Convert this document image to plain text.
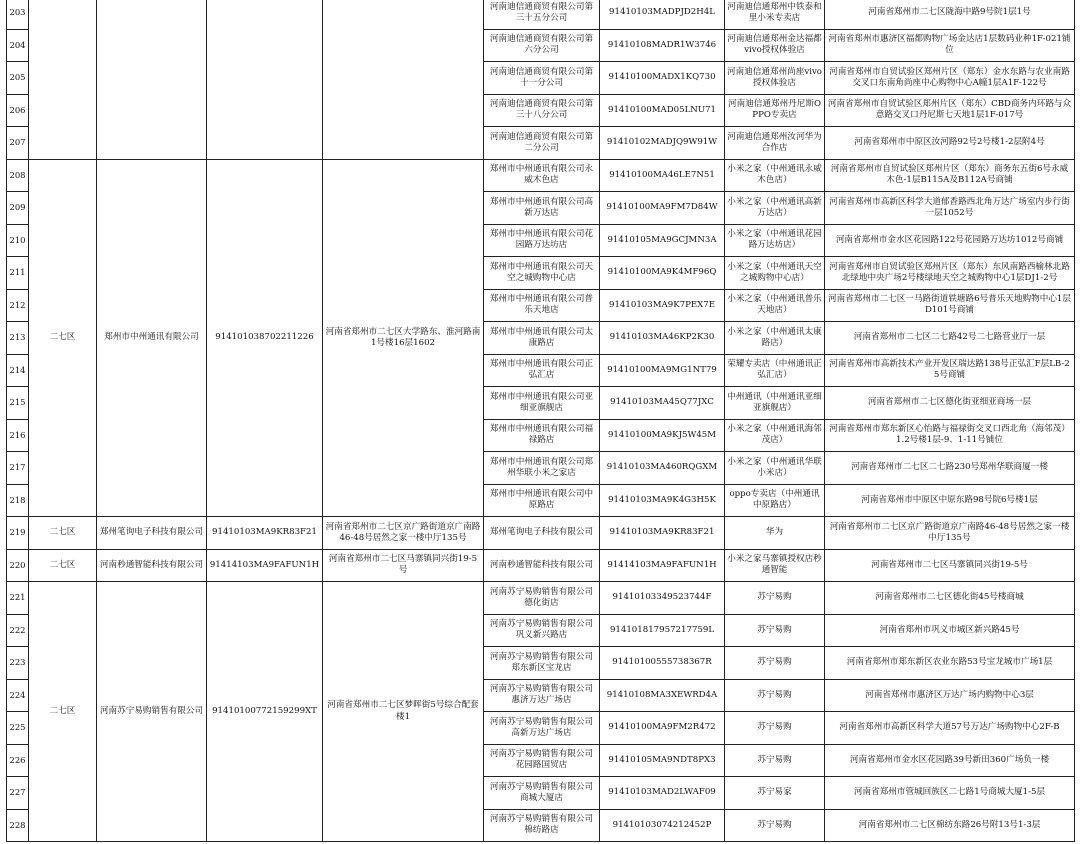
203					河南迪信通商贸有限公司第三十五分公司	91410103MADPJD2H4L	河南迪信通郑州中铁泰和里小米专卖店	河南省郑州市二七区陇海中路9号院1层1号
204					河南迪信通商贸有限公司第六分公司	91410108MADR1W3746	河南迪信通郑州金达福都vivo授权体验店	河南省郑州市惠济区福都购物广场金达店1层数码业种1F-021铺位
205					河南迪信通商贸有限公司第十一分公司	91410100MADX1KQ730	河南迪信通郑州尚座vivo授权体验店	河南省郑州市自贸试验区郑州片区（郑东）金水东路与农业南路交叉口东南角尚座中心购物中心A幢1层A1F-122号
206					河南迪信通商贸有限公司第三十八分公司	91410100MAD05LNU71	河南迪信通郑州丹尼斯OPPO专卖店	河南省郑州市自贸试验区郑州片区（郑东）CBD商务内环路与众意路交叉口丹尼斯七天地1层1F-017号
207					河南迪信通商贸有限公司第二分公司	91410102MADJQ9W91W	河南迪信通郑州汝河华为合作店	河南省郑州市中原区汝河路92号2号楼1-2层附4号
208	二七区	郑州市中州通讯有限公司	914101038702211226	河南省郑州市二七区大学路东、淮河路南1号楼16层1602	郑州市中州通讯有限公司永威木色店	91410100MA46LE7N51	小米之家（中州通讯永威木色店）	河南省郑州市自贸试验区郑州片区（郑东）商务东五街6号永威木色-1层B115A及B112A号商铺
209					郑州市中州通讯有限公司高新万达店	91410100MA9FM7D84W	小米之家（中州通讯高新万达店）	河南省郑州市高新区科学大道郁香路西北角万达广场室内步行街一层1052号
210					郑州市中州通讯有限公司花园路万达坊店	91410105MA9GCJMN3A	小米之家（中州通讯花园路万达坊店）	河南省郑州市金水区花园路122号花园路万达坊1012号商铺
211					郑州市中州通讯有限公司天空之城购物中心店	91410100MA9K4MF96Q	小米之家（中州通讯天空之城购物中心店）	河南省郑州市自贸试验区郑州片区（郑东）东风南路西榆林北路北绿地中央广场2号楼绿地天空之城购物中心1层DJ1-2号
212					郑州市中州通讯有限公司普乐天地店	91410103MA9K7PEX7E	小米之家（中州通讯普乐天地店）	河南省郑州市二七区一马路街道铁塘路6号普乐天地购物中心1层D101号商铺
213					郑州市中州通讯有限公司太康路店	91410103MA46KP2K30	小米之家（中州通讯太康路店）	河南省郑州市二七区二七路42号二七路营业厅一层
214					郑州市中州通讯有限公司正弘汇店	91410100MA9MG1NT79	荣耀专卖店（中州通讯正弘汇店）	河南省郑州市高新技术产业开发区瑞达路138号正弘汇F层LB-25号商铺
215					郑州市中州通讯有限公司亚细亚旗舰店	91410103MA45Q77JXC	中州通讯（中州通讯亚细亚旗舰店）	河南省郑州市二七区德化街亚细亚商场一层
216					郑州市中州通讯有限公司福禄路店	91410100MA9KJ5W45M	小米之家（中州通讯海邻茂店）	河南省郑州市郑东新区心怡路与福禄街交叉口西北角（海邻茂）1.2号楼1层-9、1-11号铺位
217					郑州市中州通讯有限公司郑州华联小米之家店	91410103MA460RQGXM	小米之家（中州通讯华联小米店）	河南省郑州市二七区二七路230号郑州华联商厦一楼
218					郑州市中州通讯有限公司中原路店	91410103MA9K4G3H5K	oppo专卖店（中州通讯中原路店）	河南省郑州市中原区中原东路98号院6号楼1层
219	二七区	郑州笔询电子科技有限公司	91410103MA9KR83F21	河南省郑州市二七区京广路街道京广南路46-48号居然之家一楼中厅135号	郑州笔询电子科技有限公司	91410103MA9KR83F21	华为	河南省郑州市二七区京广路街道京广南路46-48号居然之家一楼中厅135号
220	二七区	河南秒通智能科技有限公司	91414103MA9FAFUN1H	河南省郑州市二七区马寨镇同兴街19-5号	河南秒通智能科技有限公司	91414103MA9FAFUN1H	小米之家马寨镇授权店秒通智能	河南省郑州市二七区马寨镇同兴街19-5号
221	二七区	河南苏宁易购销售有限公司	91410100772159299XT	河南省郑州市二七区梦晖街5号综合配套楼1	河南苏宁易购销售有限公司德化街店	91410103349523744F	苏宁易购	河南省郑州市二七区德化街45号楼商城
222					河南苏宁易购销售有限公司巩义新兴路店	914101817957217759L	苏宁易购	河南省郑州市巩义市城区新兴路45号
223					河南苏宁易购销售有限公司郑东新区宝龙店	91410100555738367R	苏宁易购	河南省郑州市郑东新区农业东路53号宝龙城市广场1层
224					河南苏宁易购销售有限公司惠济万达广场店	91410108MA3XEWRD4A	苏宁易购	河南省郑州市惠济区万达广场内购物中心3层
225					河南苏宁易购销售有限公司高新万达广场店	91410100MA9FM2R472	苏宁易购	河南省郑州市高新区科学大道57号万达广场购物中心2F-B
226					河南苏宁易购销售有限公司花园路国贸店	91410105MA9NDT8PX3	苏宁易购	河南省郑州市金水区花园路39号新田360广场负一楼
227					河南苏宁易购销售有限公司商城大厦店	91410103MAD2LWAF09	苏宁易家	河南省郑州市管城回族区二七路1号商城大厦1-5层
228					河南苏宁易购销售有限公司棉纺路店	91410103074212452P	苏宁易购	河南省郑州市二七区棉纺东路26号附13号1-3层
